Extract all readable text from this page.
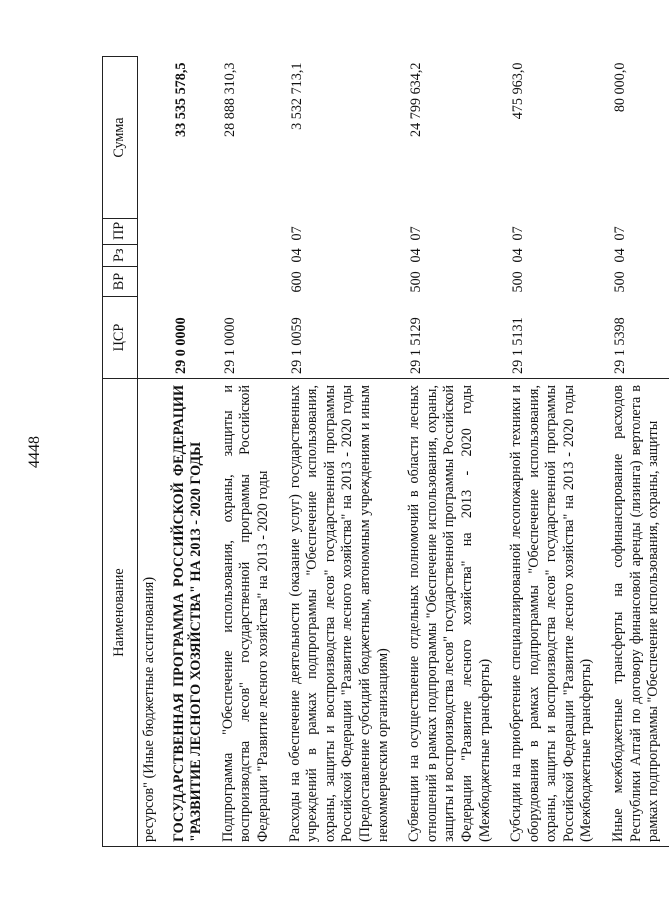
4448
Наименование	ЦСР	ВР	Рз	ПР	Сумма
ресурсов" (Иные бюджетные ассигнования)					
ГОСУДАРСТВЕННАЯ ПРОГРАММА РОССИЙСКОЙ ФЕДЕРАЦИИ "РАЗВИТИЕ ЛЕСНОГО ХОЗЯЙСТВА" НА 2013 - 2020 ГОДЫ	29 0 0000				33 535 578,5
Подпрограмма "Обеспечение использования, охраны, защиты и воспроизводства лесов" государственной программы Российской Федерации "Развитие лесного хозяйства" на 2013 - 2020 годы	29 1 0000				28 888 310,3
Расходы на обеспечение деятельности (оказание услуг) государственных учреждений в рамках подпрограммы "Обеспечение использования, охраны, защиты и воспроизводства лесов" государственной программы Российской Федерации "Развитие лесного хозяйства" на 2013 - 2020 годы (Предоставление субсидий бюджетным, автономным учреждениям и иным некоммерческим организациям)	29 1 0059	600	04	07	3 532 713,1
Субвенции на осуществление отдельных полномочий в области лесных отношений в рамках подпрограммы "Обеспечение использования, охраны, защиты и воспроизводства лесов" государственной программы Российской Федерации "Развитие лесного хозяйства" на 2013 - 2020 годы (Межбюджетные трансферты)	29 1 5129	500	04	07	24 799 634,2
Субсидии на приобретение специализированной лесопожарной техники и оборудования в рамках подпрограммы "Обеспечение использования, охраны, защиты и воспроизводства лесов" государственной программы Российской Федерации "Развитие лесного хозяйства" на 2013 - 2020 годы (Межбюджетные трансферты)	29 1 5131	500	04	07	475 963,0
Иные межбюджетные трансферты на софинансирование расходов Республики Алтай по договору финансовой аренды (лизинга) вертолета в рамках подпрограммы "Обеспечение использования, охраны, защиты	29 1 5398	500	04	07	80 000,0
